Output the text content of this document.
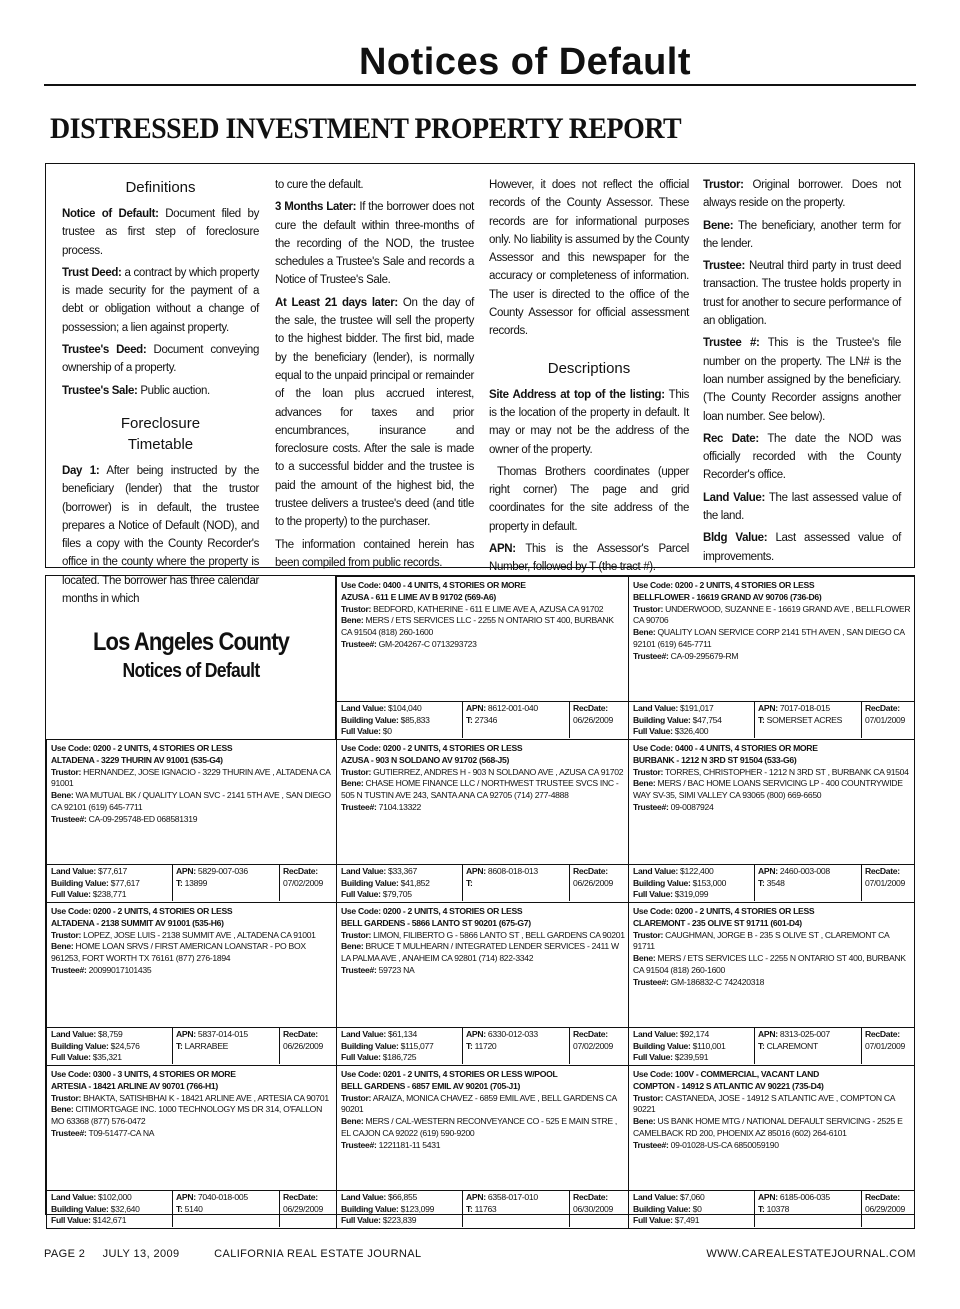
Notices of Default
DISTRESSED INVESTMENT PROPERTY REPORT
Definitions

Notice of Default: Document filed by trustee as first step of foreclosure process.

Trust Deed: a contract by which property is made security for the payment of a debt or obligation without a change of possession; a lien against property.

Trustee's Deed: Document conveying ownership of a property.

Trustee's Sale: Public auction.

Foreclosure
Timetable

Day 1: After being instructed by the beneficiary (lender) that the trustor (borrower) is in default, the trustee prepares a Notice of Default (NOD), and files a copy with the County Recorder's office in the county where the property is located. The borrower has three calendar months in which

to cure the default.

3 Months Later: If the borrower does not cure the default within three-months of the recording of the NOD, the trustee schedules a Trustee's Sale and records a Notice of Trustee's Sale.

At Least 21 days later: On the day of the sale, the trustee will sell the property to the highest bidder. The first bid, made by the beneficiary (lender), is normally equal to the unpaid principal or remainder of the loan plus accrued interest, advances for taxes and prior encumbrances, insurance and foreclosure costs. After the sale is made to a successful bidder and the trustee is paid the amount of the highest bid, the trustee delivers a trustee's deed (and title to the property) to the purchaser.

The information contained herein has been compiled from public records.

However, it does not reflect the official records of the County Assessor. These records are for informational purposes only. No liability is assumed by the County Assessor and this newspaper for the accuracy or completeness of information. The user is directed to the office of the County Assessor for official assessment records.

Descriptions

Site Address at top of the listing: This is the location of the property in default. It may or may not be the address of the owner of the property.

Thomas Brothers coordinates (upper right corner) The page and grid coordinates for the site address of the property in default.

APN: This is the Assessor's Parcel Number, followed by T (the tract #).

Trustor: Original borrower. Does not always reside on the property.

Bene: The beneficiary, another term for the lender.

Trustee: Neutral third party in trust deed transaction. The trustee holds property in trust for another to secure performance of an obligation.

Trustee #: This is the Trustee's file number on the property. The LN# is the loan number assigned by the beneficiary. (The County Recorder assigns another loan number. See below).

Rec Date: The date the NOD was officially recorded with the County Recorder's office.

Land Value: The last assessed value of the land.

Bldg Value: Last assessed value of improvements.

Los Angeles County
Notices of Default
Use Code: 0400 - 4 UNITS, 4 STORIES OR MORE
AZUSA - 611 E LIME AV B 91702 (569-A6)
Trustor: BEDFORD, KATHERINE - 611 E LIME AVE A, AZUSA CA 91702
Bene: MERS / ETS SERVICES LLC - 2255 N ONTARIO ST 400, BURBANK CA 91504 (818) 260-1600
Trustee#: GM-204267-C 0713293723
Land Value: $104,040
Building Value: $85,833
Full Value: $0
APN: 8612-001-040
T: 27346
RecDate:
06/26/2009
Use Code: 0200 - 2 UNITS, 4 STORIES OR LESS
BELLFLOWER - 16619 GRAND AV 90706 (736-D6)
Trustor: UNDERWOOD, SUZANNE E - 16619 GRAND AVE , BELLFLOWER CA 90706
Bene: QUALITY LOAN SERVICE CORP 2141 5TH AVEN , SAN DIEGO CA 92101 (619) 645-7711
Trustee#: CA-09-295679-RM
Land Value: $191,017
Building Value: $47,754
Full Value: $326,400
APN: 7017-018-015
T: SOMERSET ACRES
RecDate:
07/01/2009
Use Code: 0200 - 2 UNITS, 4 STORIES OR LESS
ALTADENA - 3229 THURIN AV 91001 (535-G4)
Trustor: HERNANDEZ, JOSE IGNACIO - 3229 THURIN AVE , ALTADENA CA 91001
Bene: WA MUTUAL BK / QUALITY LOAN SVC - 2141 5TH AVE , SAN DIEGO CA 92101 (619) 645-7711
Trustee#: CA-09-295748-ED 068581319
Land Value: $77,617
Building Value: $77,617
Full Value: $238,771
APN: 5829-007-036
T: 13899
RecDate:
07/02/2009
Use Code: 0200 - 2 UNITS, 4 STORIES OR LESS
AZUSA - 903 N SOLDANO AV 91702 (568-J5)
Trustor: GUTIERREZ, ANDRES H - 903 N SOLDANO AVE , AZUSA CA 91702
Bene: CHASE HOME FINANCE LLC / NORTHWEST TRUSTEE SVCS INC - 505 N TUSTIN AVE 243, SANTA ANA CA 92705 (714) 277-4888
Trustee#: 7104.13322
Land Value: $33,367
Building Value: $41,852
Full Value: $79,705
APN: 8608-018-013
T:
RecDate:
06/26/2009
Use Code: 0400 - 4 UNITS, 4 STORIES OR MORE
BURBANK - 1212 N 3RD ST 91504 (533-G6)
Trustor: TORRES, CHRISTOPHER - 1212 N 3RD ST , BURBANK CA 91504
Bene: MERS / BAC HOME LOANS SERVICING LP - 400 COUNTRYWIDE WAY SV-35, SIMI VALLEY CA 93065 (800) 669-6650
Trustee#: 09-0087924
Land Value: $122,400
Building Value: $153,000
Full Value: $319,099
APN: 2460-003-008
T: 3548
RecDate:
07/01/2009
Use Code: 0200 - 2 UNITS, 4 STORIES OR LESS
ALTADENA - 2138 SUMMIT AV 91001 (535-H6)
Trustor: LOPEZ, JOSE LUIS - 2138 SUMMIT AVE , ALTADENA CA 91001
Bene: HOME LOAN SRVS / FIRST AMERICAN LOANSTAR - PO BOX 961253, FORT WORTH TX 76161 (877) 276-1894
Trustee#: 20099017101435
Land Value: $8,759
Building Value: $24,576
Full Value: $35,321
APN: 5837-014-015
T: LARRABEE
RecDate:
06/26/2009
Use Code: 0200 - 2 UNITS, 4 STORIES OR LESS
BELL GARDENS - 5866 LANTO ST 90201 (675-G7)
Trustor: LIMON, FILIBERTO G - 5866 LANTO ST , BELL GARDENS CA 90201
Bene: BRUCE T MULHEARN / INTEGRATED LENDER SERVICES - 2411 W LA PALMA AVE , ANAHEIM CA 92801 (714) 822-3342
Trustee#: 59723 NA
Land Value: $61,134
Building Value: $115,077
Full Value: $186,725
APN: 6330-012-033
T: 11720
RecDate:
07/02/2009
Use Code: 0200 - 2 UNITS, 4 STORIES OR LESS
CLAREMONT - 235 OLIVE ST 91711 (601-D4)
Trustor: CAUGHMAN, JORGE B - 235 S OLIVE ST , CLAREMONT CA 91711
Bene: MERS / ETS SERVICES LLC - 2255 N ONTARIO ST 400, BURBANK CA 91504 (818) 260-1600
Trustee#: GM-186832-C 742420318
Land Value: $92,174
Building Value: $110,001
Full Value: $239,591
APN: 8313-025-007
T: CLAREMONT
RecDate:
07/01/2009
Use Code: 0300 - 3 UNITS, 4 STORIES OR MORE
ARTESIA - 18421 ARLINE AV 90701 (766-H1)
Trustor: BHAKTA, SATISHBHAI K - 18421 ARLINE AVE , ARTESIA CA 90701
Bene: CITIMORTGAGE INC. 1000 TECHNOLOGY MS DR 314, O'FALLON MO 63368 (877) 576-0472
Trustee#: T09-51477-CA NA
Land Value: $102,000
Building Value: $32,640
Full Value: $142,671
APN: 7040-018-005
T: 5140
RecDate:
06/29/2009
Use Code: 0201 - 2 UNITS, 4 STORIES OR LESS W/POOL
BELL GARDENS - 6857 EMIL AV 90201 (705-J1)
Trustor: ARAIZA, MONICA CHAVEZ - 6859 EMIL AVE , BELL GARDENS CA 90201
Bene: MERS / CAL-WESTERN RECONVEYANCE CO - 525 E MAIN STRE , EL CAJON CA 92022 (619) 590-9200
Trustee#: 1221181-11 5431
Land Value: $66,855
Building Value: $123,099
Full Value: $223,839
APN: 6358-017-010
T: 11763
RecDate:
06/30/2009
Use Code: 100V - COMMERCIAL, VACANT LAND
COMPTON - 14912 S ATLANTIC AV 90221 (735-D4)
Trustor: CASTANEDA, JOSE - 14912 S ATLANTIC AVE , COMPTON CA 90221
Bene: US BANK HOME MTG / NATIONAL DEFAULT SERVICING - 2525 E CAMELBACK RD 200, PHOENIX AZ 85016 (602) 264-6101
Trustee#: 09-01028-US-CA 6850059190
Land Value: $7,060
Building Value: $0
Full Value: $7,491
APN: 6185-006-035
T: 10378
RecDate:
06/29/2009
PAGE 2     JULY 13, 2009          CALIFORNIA REAL ESTATE JOURNAL	WWW.CAREALESTATEJOURNAL.COM
